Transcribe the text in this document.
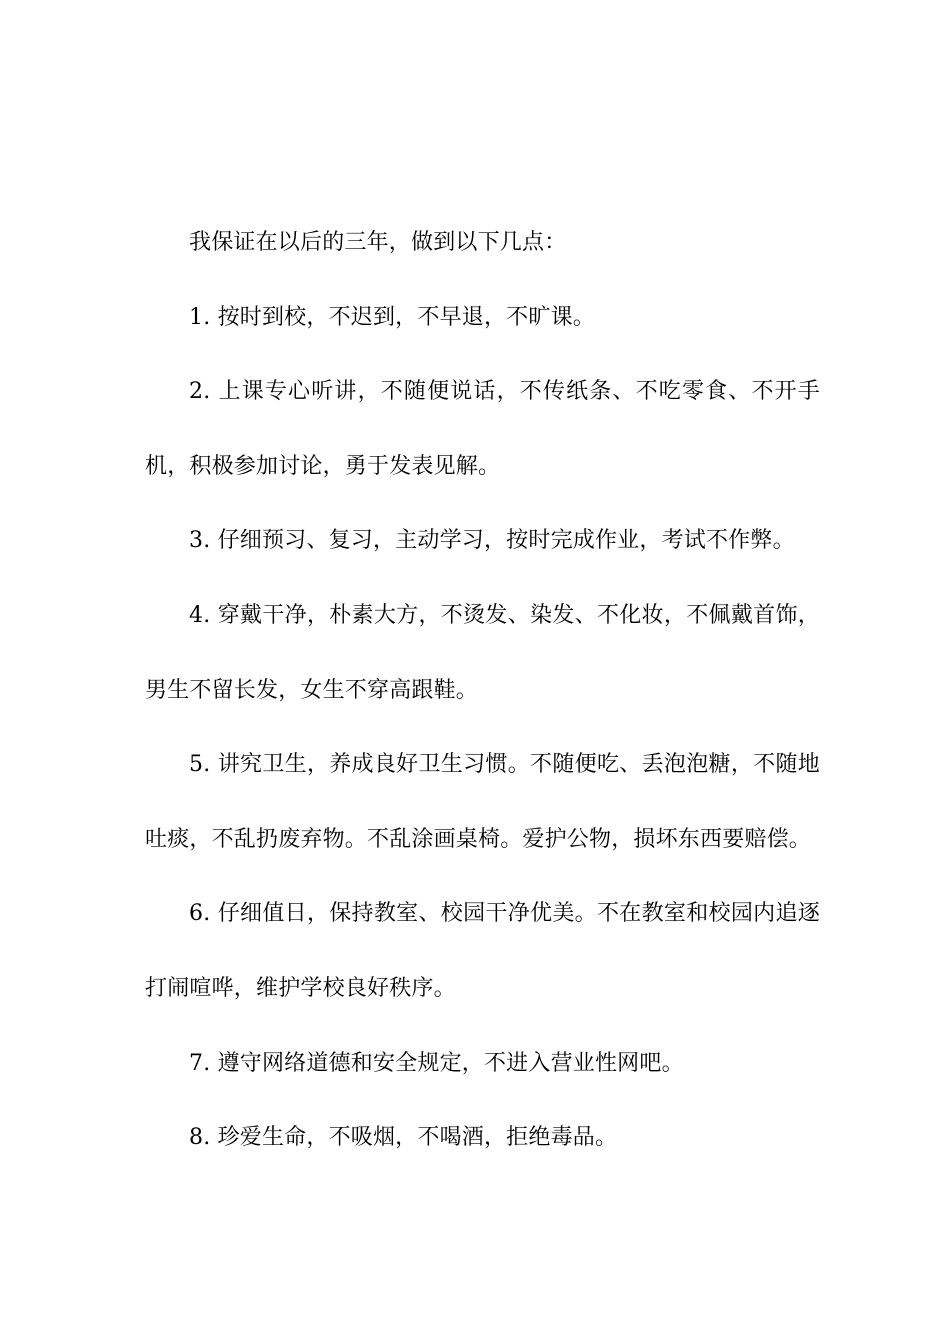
我保证在以后的三年，做到以下几点：

1. 按时到校，不迟到，不早退，不旷课。

2. 上课专心听讲，不随便说话，不传纸条、不吃零食、不开手机，积极参加讨论，勇于发表见解。

3. 仔细预习、复习，主动学习，按时完成作业，考试不作弊。

4. 穿戴干净，朴素大方，不烫发、染发、不化妆，不佩戴首饰，男生不留长发，女生不穿高跟鞋。

5. 讲究卫生，养成良好卫生习惯。不随便吃、丢泡泡糖，不随地吐痰，不乱扔废弃物。不乱涂画桌椅。爱护公物，损坏东西要赔偿。

6. 仔细值日，保持教室、校园干净优美。不在教室和校园内追逐打闹喧哗，维护学校良好秩序。

7. 遵守网络道德和安全规定，不进入营业性网吧。

8. 珍爱生命，不吸烟，不喝酒，拒绝毒品。
